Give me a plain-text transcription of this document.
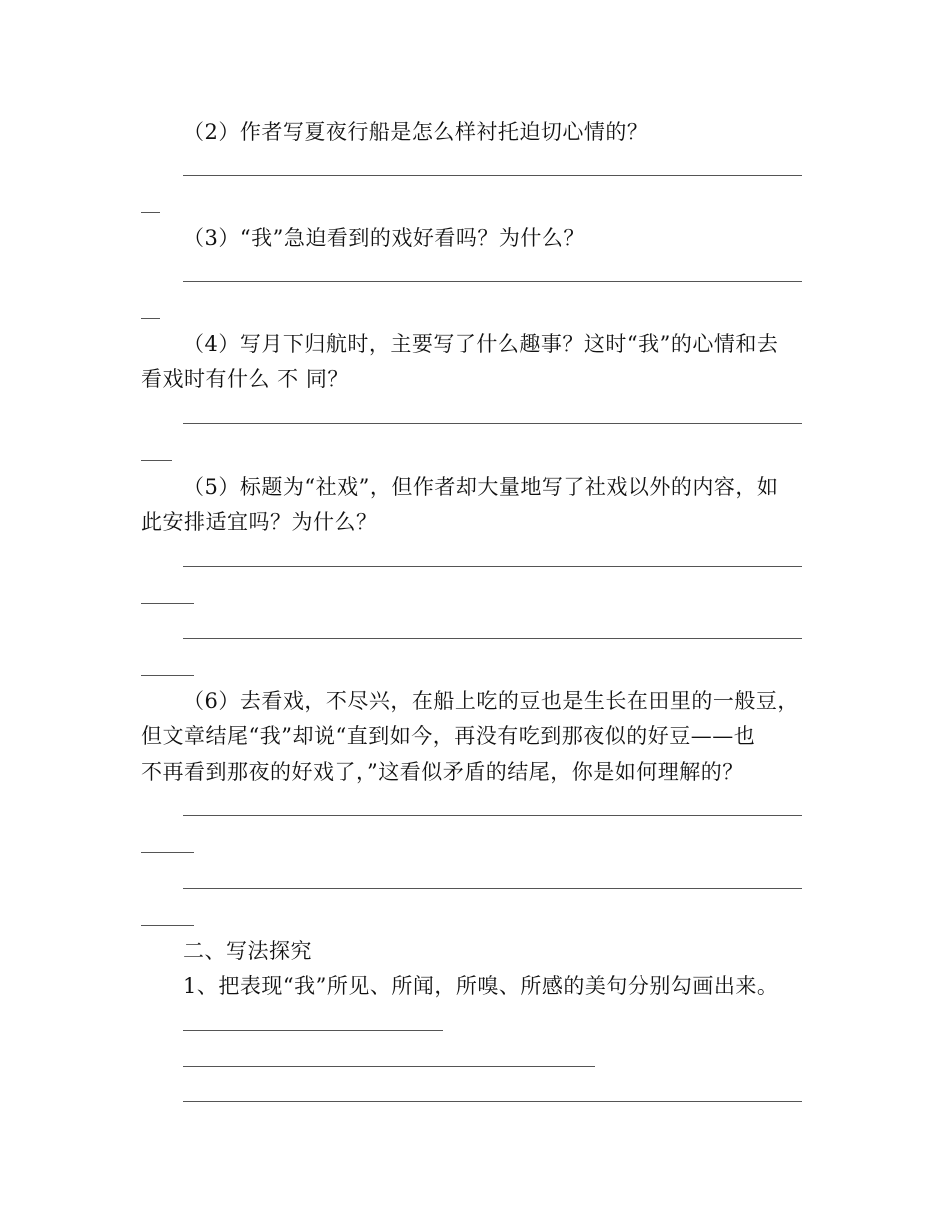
（2）作者写夏夜行船是怎么样衬托迫切心情的？
（3）“我”急迫看到的戏好看吗？为什么？
（4）写月下归航时，主要写了什么趣事？这时“我”的心情和去
看戏时有什么 不 同？
（5）标题为“社戏”，但作者却大量地写了社戏以外的内容，如
此安排适宜吗？为什么？
（6）去看戏，不尽兴，在船上吃的豆也是生长在田里的一般豆，
但文章结尾“我”却说“直到如今，再没有吃到那夜似的好豆——也
不再看到那夜的好戏了，”这看似矛盾的结尾，你是如何理解的？
二、写法探究
1、把表现“我”所见、所闻，所嗅、所感的美句分别勾画出来。
